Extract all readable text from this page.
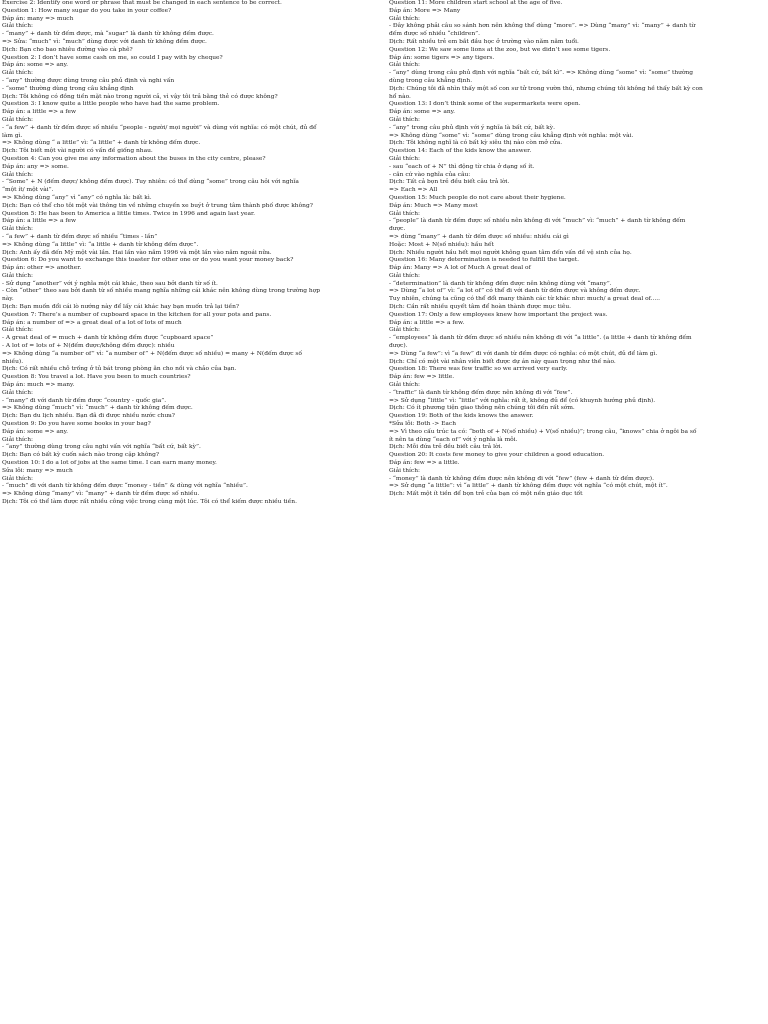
Exercise 2: Identify one word or phrase that must be changed in each sentence to be correct.
Question 1: How many sugar do you take in your coffee?
Đáp án: many => much
Giải thích:
- “many” + danh từ đếm được, mà “sugar” là danh từ không đếm được.
=> Sửa: “much” vì: “much” dùng được với danh từ không đếm được.
Dịch: Bạn cho bao nhiêu đường vào cà phê?
Question 2: I don’t have some cash on me, so could I pay with by cheque?
Đáp án: some => any.
Giải thích:
- “any” thường được dùng trong câu phủ định và nghi vấn
- “some” thường dùng trong câu khẳng định
Dịch: Tôi không có đồng tiền mặt nào trong người cả, vì vậy tôi trả bằng thẻ có được không?
Question 3: I know quite a little people who have had the same problem.
Đáp án: a little => a few
Giải thích:
- “a few” + danh từ đếm được số nhiều “people - người/ mọi người” và dùng với nghĩa: có một chút, đủ để
làm gì.
=> Không dùng “ a little” vì: “a little” + danh từ không đếm được.
Dịch: Tôi biết một vài người có vấn đề giống nhau.
Question 4: Can you give me any information about the buses in the city centre, please?
Đáp án: any => some.
Giải thích:
- “Some” + N (đếm được/ không đếm được). Tuy nhiên: có thể dùng “some” trong câu hỏi với nghĩa
“một ít/ một vài”.
=> Không dùng “any” vì “any” có nghĩa là: bất kì.
Dịch: Bạn có thể cho tôi một vài thông tin về những chuyến xe buýt ở trung tâm thành phố được không?
Question 5: He has been to America a little times. Twice in 1996 and again last year.
Đáp án: a little => a few
Giải thích:
- “a few” + danh từ đếm được số nhiều “times - lần”
=> Không dùng “a little” vì: “a little + danh từ không đếm được”.
Dịch: Anh ấy đã đến Mỹ một vài lần. Hai lần vào năm 1996 và một lần vào năm ngoái nữa.
Question 6: Do you want to exchange this toaster for other one or do you want your money back?
Đáp án: other => another.
Giải thích:
- Sử dụng “another” với ý nghĩa một cái khác, theo sau bởi danh từ số ít.
- Còn “other” theo sau bởi danh từ số nhiều mang nghĩa những cái khác nên không dùng trong trường hợp
này.
Dịch: Bạn muốn đổi cái lò nướng này để lấy cái khác hay bạn muốn trả lại tiền?
Question 7: There’s a number of cupboard space in the kitchen for all your pots and pans.
Đáp án: a number of => a great deal of a lot of lots of much
Giải thích:
- A great deal of = much + danh từ không đếm được “cupboard space”
- A lot of = lots of + N(đếm được/không đếm được): nhiều
=> Không dùng “a number of” vì: “a number of” + N(đếm được số nhiều) = many + N(đếm được số
nhiều).
Dịch: Có rất nhiều chỗ trống ở tủ bát trong phòng ăn cho nồi và chảo của bạn.
Question 8: You travel a lot. Have you been to much countries?
Đáp án: much => many.
Giải thích:
- “many” đi với danh từ đếm được “country - quốc gia”.
=> Không dùng “much” vì: “much” + danh từ không đếm được.
Dịch: Bạn du lịch nhiều. Bạn đã đi được nhiều nước chưa?
Question 9: Do you have some books in your bag?
Đáp án: some => any.
Giải thích:
- “any” thường dùng trong câu nghi vấn với nghĩa “bất cứ, bất kỳ”.
Dịch: Bạn có bất kỳ cuốn sách nào trong cặp không?
Question 10: I do a lot of jobs at the same time. I can earn many money.
Sửa lỗi: many => much
Giải thích:
- “much” đi với danh từ không đếm được “money - tiền” & dùng với nghĩa “nhiều”.
=> Không dùng “many” vì: “many” + danh từ đếm được số nhiều.
Dịch: Tôi có thể làm được rất nhiều công việc trong cùng một lúc. Tôi có thể kiếm được nhiều tiền.
Question 11: More children start school at the age of five.
Đáp án: More => Many
Giải thích:
- Đây không phải câu so sánh hơn nên không thể dùng “more”. => Dùng “many” vì: “many” + danh từ
đếm được số nhiều “children”.
Dịch: Rất nhiều trẻ em bắt đầu học ở trường vào năm năm tuổi.
Question 12: We saw some lions at the zoo, but we didn’t see some tigers.
Đáp án: some tigers => any tigers.
Giải thích:
- “any” dùng trong câu phủ định với nghĩa “bất cứ, bất kì”. => Không dùng “some” vì: “some” thường
dùng trong câu khẳng định.
Dịch: Chúng tôi đã nhìn thấy một số con sư tử trong vườn thú, nhưng chúng tôi không hề thấy bất kỳ con
hổ nào.
Question 13: I don’t think some of the supermarkets were open.
Đáp án: some => any.
Giải thích:
- “any” trong câu phủ định với ý nghĩa là bất cứ, bất kỳ.
=> Không dùng “some” vì: “some” dùng trong câu khẳng định với nghĩa: một vài.
Dịch: Tôi không nghĩ là có bất kỳ siêu thị nào còn mở cửa.
Question 14: Each of the kids know the answer.
Giải thích:
- sau “each of + N” thì động từ chia ở dạng số ít.
- căn cứ vào nghĩa của câu:
Dịch: Tất cả bọn trẻ đều biết câu trả lời.
=> Each => All
Question 15: Much people do not care about their hygiene.
Đáp án: Much => Many most
Giải thích:
- “people” là danh từ đếm được số nhiều nên không đi với “much” vì: “much” + danh từ không đếm
được.
=> dùng “many” + danh từ đếm được số nhiều: nhiều cái gì
Hoặc: Most + N(số nhiều): hầu hết
Dịch: Nhiều người hầu hết mọi người không quan tâm đến vấn đề vệ sinh của họ.
Question 16: Many determination is needed to fulfill the target.
Đáp án: Many => A lot of Much A great deal of
Giải thích:
- “determination” là danh từ không đếm được nên không dùng với “many”.
=> Dùng “a lot of” vì: “a lot of” có thể đi với danh từ đếm được và không đếm được.
Tuy nhiên, chúng ta cũng có thể đổi many thành các từ khác như: much/ a great deal of.....
Dịch: Cần rất nhiều quyết tâm để hoàn thành được mục tiêu.
Question 17: Only a few employees knew how important the project was.
Đáp án: a little => a few.
Giải thích:
- “employees” là danh từ đếm được số nhiều nên không đi với “a little”. (a little + danh từ không đếm
được).
=> Dùng “a few”: vì “a few” đi với danh từ đếm được có nghĩa: có một chút, đủ để làm gì.
Dịch: Chỉ có một vài nhân viên biết được dự án này quan trọng như thế nào.
Question 18: There was few traffic so we arrived very early.
Đáp án: few => little.
Giải thích:
- “traffic” là danh từ không đếm được nên không đi với “few”.
=> Sử dụng “little” vì: “little” với nghĩa: rất ít, không đủ để (có khuynh hướng phủ định).
Dịch: Có ít phương tiện giao thông nên chúng tôi đến rất sớm.
Question 19: Both of the kids knows the answer.
*Sửa lỗi: Both -> Each
=> Vì theo cấu trúc ta có: “both of + N(số nhiều) + V(số nhiều)”; trong câu, “knows” chia ở ngôi ba số
ít nên ta dùng “each of” với ý nghĩa là mỗi.
Dịch: Mỗi đứa trẻ đều biết câu trả lời.
Question 20: It costs few money to give your children a good education.
Đáp án: few => a little.
Giải thích:
- “money” là danh từ không đếm được nên không đi với “few” (few + danh từ đếm được).
=> Sử dụng “a little”: vì “a little” + danh từ không đếm được với nghĩa “có một chút, một ít”.
Dịch: Mất một ít tiền để bọn trẻ của bạn có một nền giáo dục tốt
